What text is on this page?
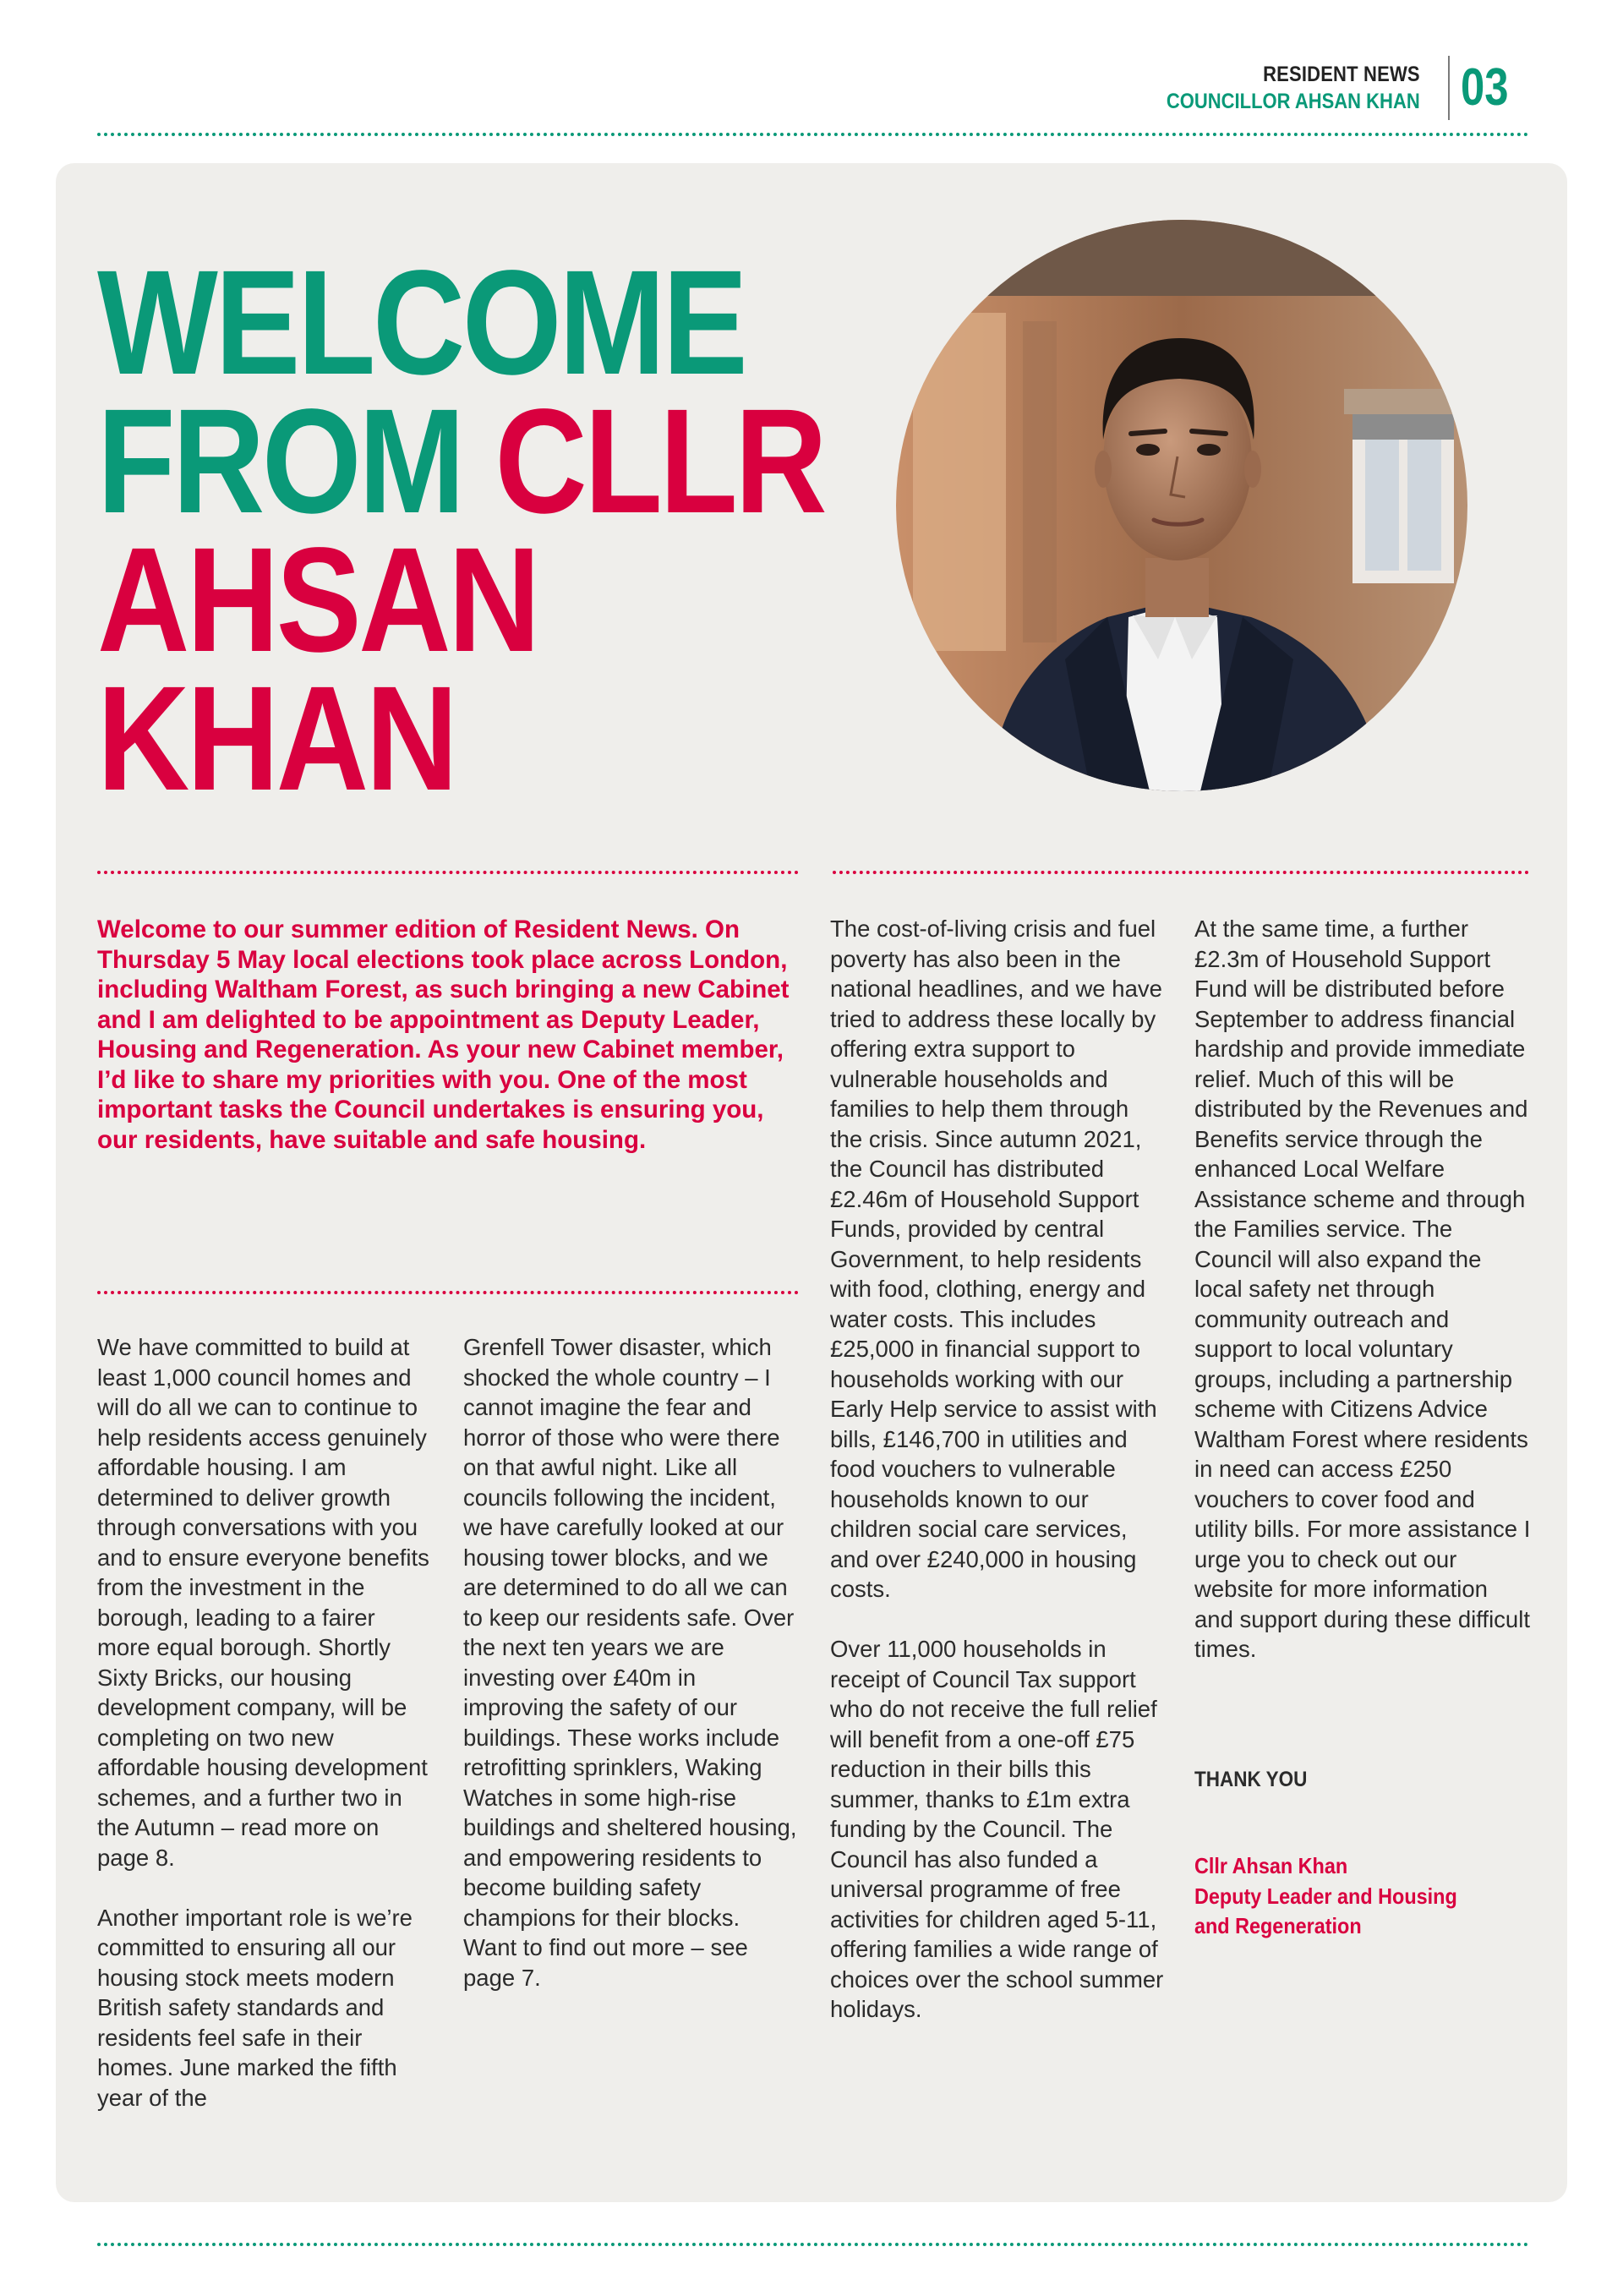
RESIDENT NEWS
COUNCILLOR AHSAN KHAN 03
WELCOME
FROM CLLR
AHSAN
KHAN

Welcome to our summer edition of Resident News. On Thursday 5 May local elections took place across London, including Waltham Forest, as such bringing a new Cabinet and I am delighted to be appointment as Deputy Leader, Housing and Regeneration. As your new Cabinet member, I’d like to share my priorities with you. One of the most important tasks the Council undertakes is ensuring you, our residents, have suitable and safe housing.

We have committed to build at least 1,000 council homes and will do all we can to continue to help residents access genuinely affordable housing. I am determined to deliver growth through conversations with you and to ensure everyone benefits from the investment in the borough, leading to a fairer more equal borough. Shortly Sixty Bricks, our housing development company, will be completing on two new affordable housing development schemes, and a further two in the Autumn – read more on page 8.

Another important role is we’re committed to ensuring all our housing stock meets modern British safety standards and residents feel safe in their homes. June marked the fifth year of the

Grenfell Tower disaster, which shocked the whole country – I cannot imagine the fear and horror of those who were there on that awful night. Like all councils following the incident, we have carefully looked at our housing tower blocks, and we are determined to do all we can to keep our residents safe. Over the next ten years we are investing over £40m in improving the safety of our buildings. These works include retrofitting sprinklers, Waking Watches in some high-rise buildings and sheltered housing, and empowering residents to become building safety champions for their blocks. Want to find out more – see page 7.

The cost-of-living crisis and fuel poverty has also been in the national headlines, and we have tried to address these locally by offering extra support to vulnerable households and families to help them through the crisis. Since autumn 2021, the Council has distributed £2.46m of Household Support Funds, provided by central Government, to help residents with food, clothing, energy and water costs. This includes £25,000 in financial support to households working with our Early Help service to assist with bills, £146,700 in utilities and food vouchers to vulnerable households known to our children social care services, and over £240,000 in housing costs.

Over 11,000 households in receipt of Council Tax support who do not receive the full relief will benefit from a one-off £75 reduction in their bills this summer, thanks to £1m extra funding by the Council. The Council has also funded a universal programme of free activities for children aged 5-11, offering families a wide range of choices over the school summer holidays.

At the same time, a further £2.3m of Household Support Fund will be distributed before September to address financial hardship and provide immediate relief. Much of this will be distributed by the Revenues and Benefits service through the enhanced Local Welfare Assistance scheme and through the Families service. The Council will also expand the local safety net through community outreach and support to local voluntary groups, including a partnership scheme with Citizens Advice Waltham Forest where residents in need can access £250 vouchers to cover food and utility bills. For more assistance I urge you to check out our website for more information and support during these difficult times.

THANK YOU
Cllr Ahsan Khan
Deputy Leader and Housing
and Regeneration
